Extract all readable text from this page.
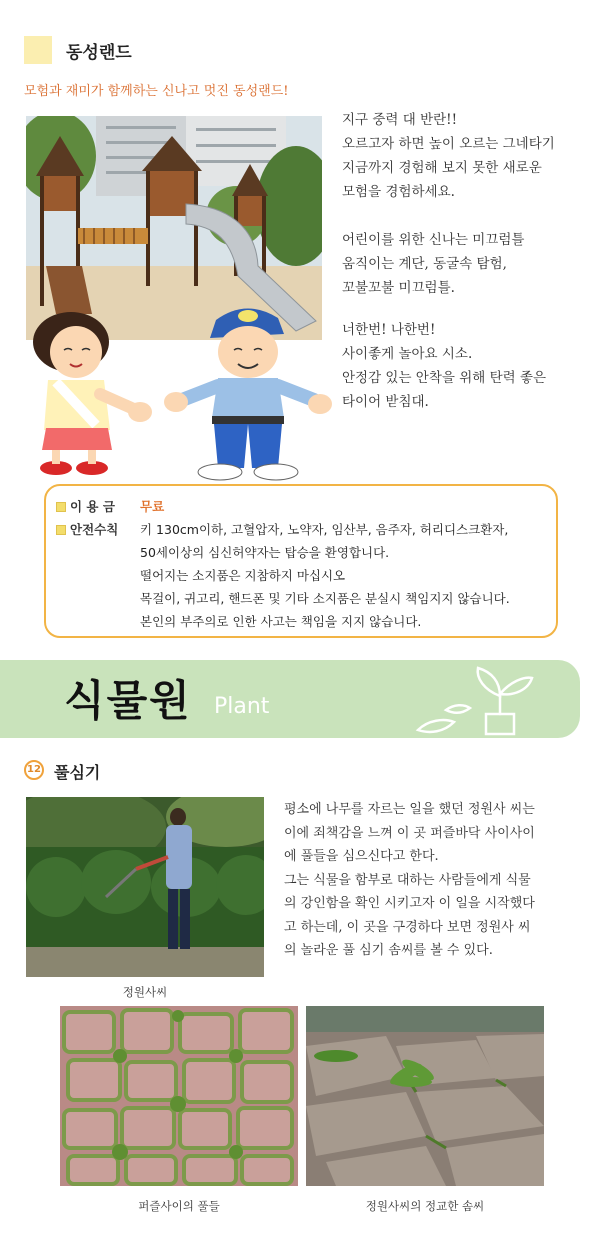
동성랜드
모험과 재미가 함께하는 신나고 멋진 동성랜드!
지구 중력 대 반란!!
오르고자 하면 높이 오르는 그네타기
지금까지 경험해 보지 못한 새로운
모험을 경험하세요.
어린이를 위한 신나는 미끄럼틀
움직이는 계단, 동굴속 탐험,
꼬불꼬불 미끄럼틀.
너한번! 나한번!
사이좋게 놀아요 시소.
안정감 있는 안착을 위해 탄력 좋은
타이어 받침대.
이 용 금 무료
안전수칙 키 130cm이하, 고혈압자, 노약자, 임산부, 음주자, 허리디스크환자,
50세이상의 심신허약자는 탑승을 환영합니다.
떨어지는 소지품은 지참하지 마십시오
목걸이, 귀고리, 핸드폰 및 기타 소지품은 분실시 책임지지 않습니다.
본인의 부주의로 인한 사고는 책임을 지지 않습니다.
식물원 Plant
12 풀심기
정원사씨
평소에 나무를 자르는 일을 했던 정원사 씨는
이에 죄책감을 느껴 이 곳 퍼즐바닥 사이사이
에 풀들을 심으신다고 한다.
그는 식물을 함부로 대하는 사람들에게 식물
의 강인함을 확인 시키고자 이 일을 시작했다
고 하는데, 이 곳을 구경하다 보면 정원사 씨
의 놀라운 풀 심기 솜씨를 볼 수 있다.
퍼즐사이의 풀들	정원사씨의 정교한 솜씨
